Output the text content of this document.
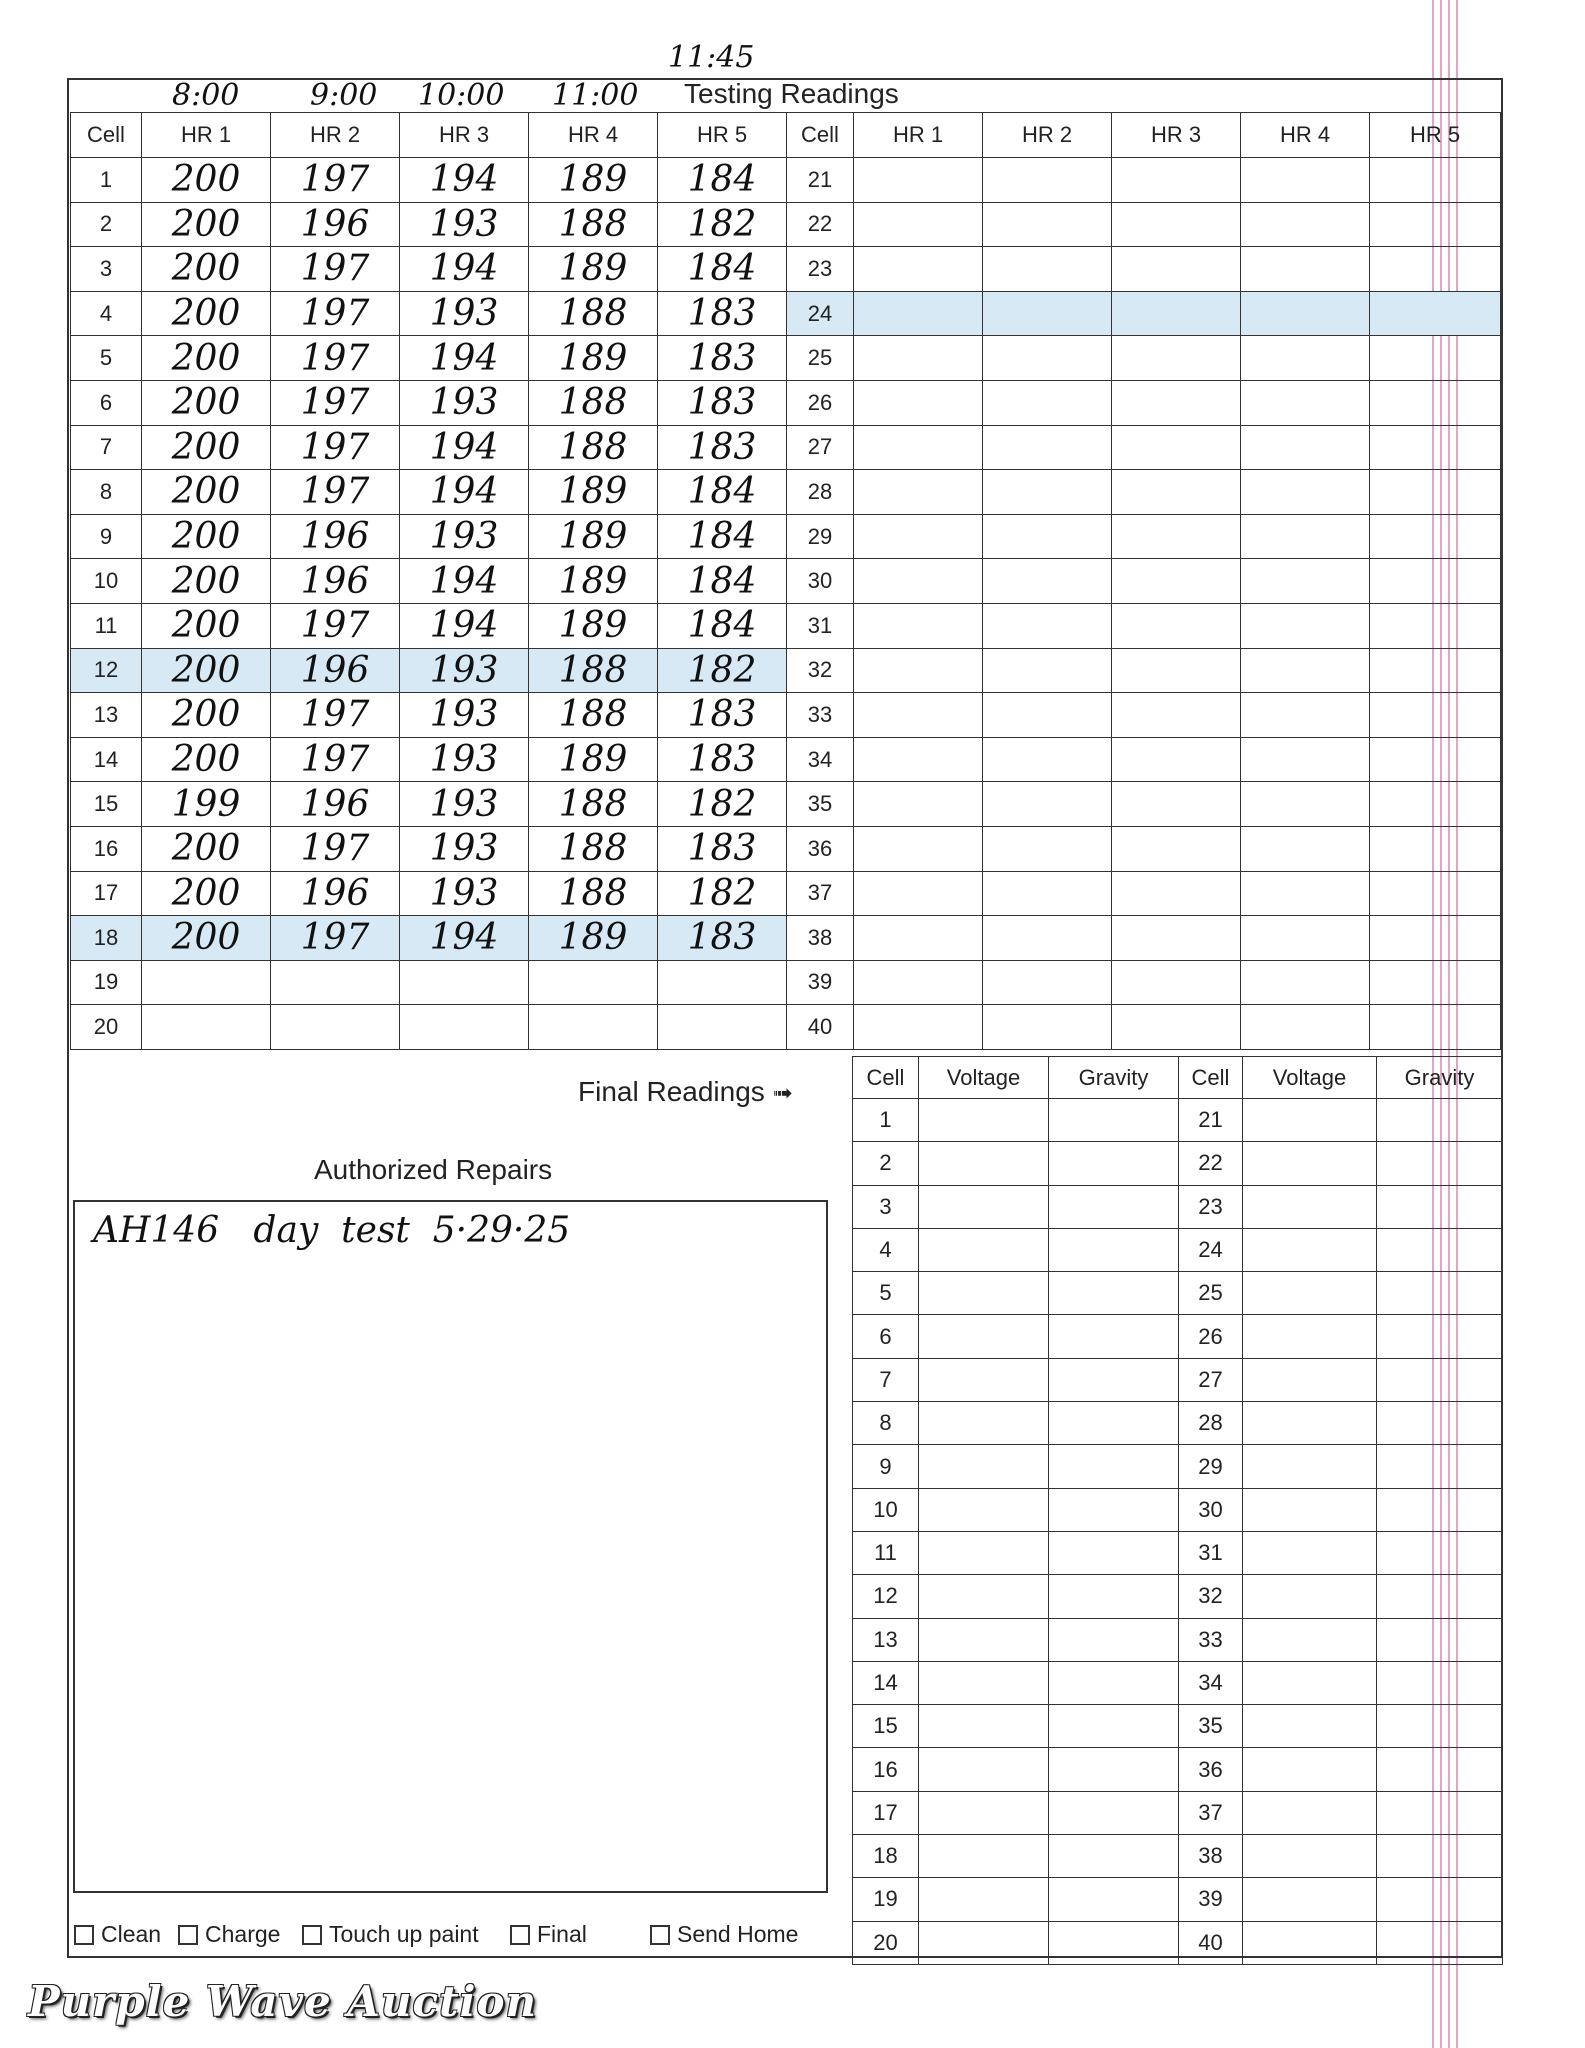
8:00 9:00 10:00 11:00
11:45
Testing Readings
Cell	HR 1	HR 2	HR 3	HR 4	HR 5	Cell	HR 1	HR 2	HR 3	HR 4	HR 5
1	200	197	194	189	184	21					
2	200	196	193	188	182	22					
3	200	197	194	189	184	23					
4	200	197	193	188	183	24					
5	200	197	194	189	183	25					
6	200	197	193	188	183	26					
7	200	197	194	188	183	27					
8	200	197	194	189	184	28					
9	200	196	193	189	184	29					
10	200	196	194	189	184	30					
11	200	197	194	189	184	31					
12	200	196	193	188	182	32					
13	200	197	193	188	183	33					
14	200	197	193	189	183	34					
15	199	196	193	188	182	35					
16	200	197	193	188	183	36					
17	200	196	193	188	182	37					
18	200	197	194	189	183	38					
19						39					
20						40					
Final Readings ➟
Cell	Voltage	Gravity	Cell	Voltage	Gravity
1			21		
2			22		
3			23		
4			24		
5			25		
6			26		
7			27		
8			28		
9			29		
10			30		
11			31		
12			32		
13			33		
14			34		
15			35		
16			36		
17			37		
18			38		
19			39		
20			40		
Authorized Repairs
AH146   day  test  5·29·25
Clean Charge Touch up paint	Final	Send Home
Purple Wave Auction
